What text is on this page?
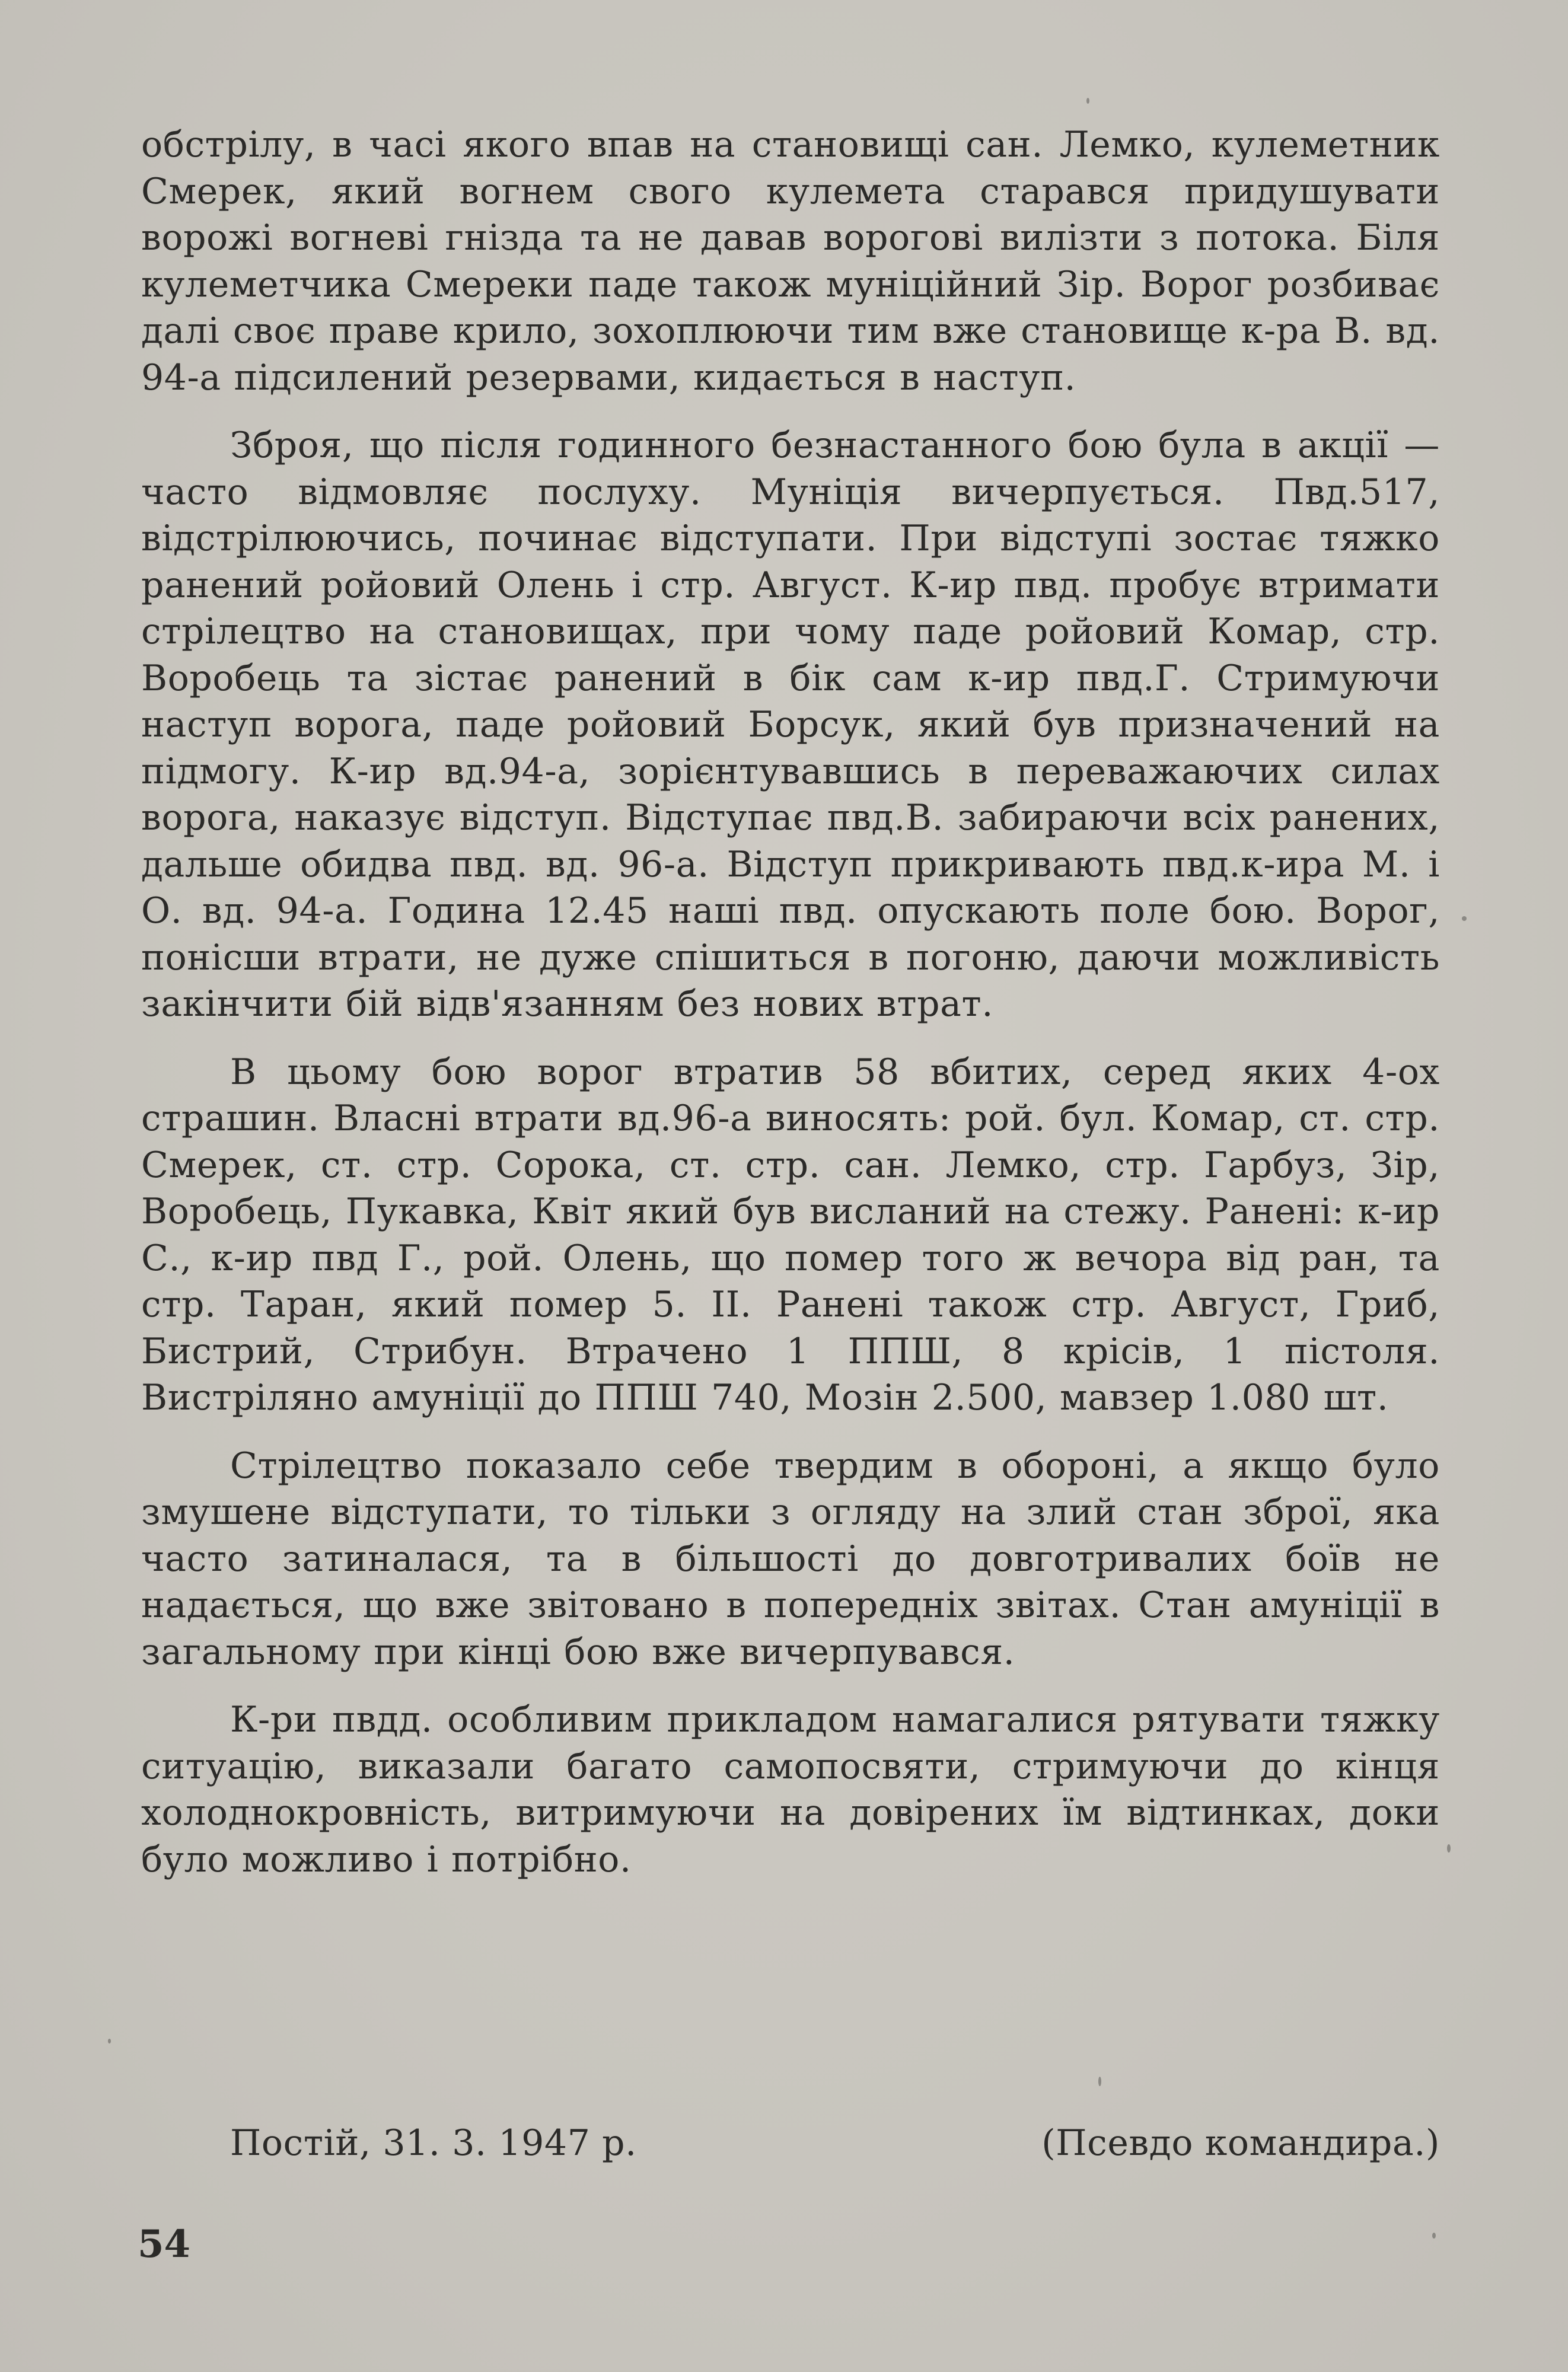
обстрілу, в часі якого впав на становищі сан. Лемко, кулеметник Смерек, який вогнем свого кулемета старався придушувати ворожі вогневі гнізда та не давав ворогові вилізти з потока. Біля кулеметчика Смереки паде також муніційний Зір. Ворог розбиває далі своє праве крило, зохоплюючи тим вже становище к-ра В. вд. 94-а підсилений резервами, кидається в наступ.

Зброя, що після годинного безнастанного бою була в акції — часто відмовляє послуху. Муніція вичерпується. Пвд.517, відстрілюючись, починає відступати. При відступі зостає тяжко ранений ройовий Олень і стр. Август. К-ир пвд. пробує втримати стрілецтво на становищах, при чому паде ройовий Комар, стр. Воробець та зістає ранений в бік сам к-ир пвд.Г. Стримуючи наступ ворога, паде ройовий Борсук, який був призначений на підмогу. К-ир вд.94-а, зорієнтувавшись в переважаючих силах ворога, наказує відступ. Відступає пвд.В. забираючи всіх ранених, дальше обидва пвд. вд. 96-а. Відступ прикривають пвд.к-ира М. і О. вд. 94-а. Година 12.45 наші пвд. опускають поле бою. Ворог, понісши втрати, не дуже спішиться в погоню, даючи можливість закінчити бій відв'язанням без нових втрат.

В цьому бою ворог втратив 58 вбитих, серед яких 4-ох страшин. Власні втрати вд.96-а виносять: рой. бул. Комар, ст. стр. Смерек, ст. стр. Сорока, ст. стр. сан. Лемко, стр. Гарбуз, Зір, Воробець, Пукавка, Квіт який був висланий на стежу. Ранені: к-ир С., к-ир пвд Г., рой. Олень, що помер того ж вечора від ран, та стр. Таран, який помер 5. II. Ранені також стр. Август, Гриб, Бистрий, Стрибун. Втрачено 1 ППШ, 8 крісів, 1 пістоля. Вистріляно амуніції до ППШ 740, Мозін 2.500, мавзер 1.080 шт.

Стрілецтво показало себе твердим в обороні, а якщо було змушене відступати, то тільки з огляду на злий стан зброї, яка часто затиналася, та в більшості до довготривалих боїв не надається, що вже звітовано в попередніх звітах. Стан амуніції в загальному при кінці бою вже вичерпувався.

К-ри пвдд. особливим прикладом намагалися рятувати тяжку ситуацію, виказали багато самопосвяти, стримуючи до кінця холоднокровність, витримуючи на довірених їм відтинках, доки було можливо і потрібно.

Постій, 31. 3. 1947 р.	(Псевдо командира.)
54
